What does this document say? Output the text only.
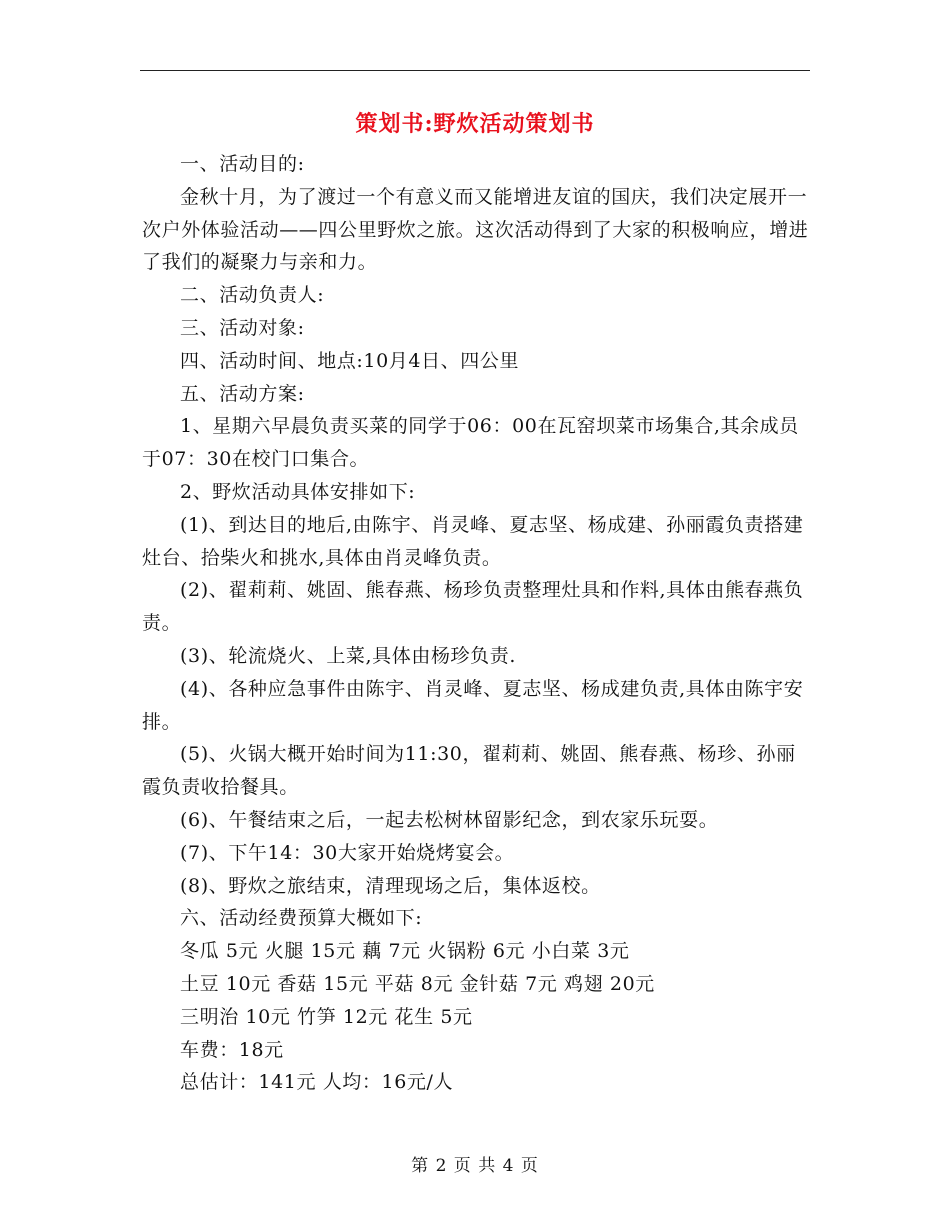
策划书:野炊活动策划书

一、活动目的:

金秋十月，为了渡过一个有意义而又能增进友谊的国庆，我们决定展开一次户外体验活动——四公里野炊之旅。这次活动得到了大家的积极响应，增进了我们的凝聚力与亲和力。

二、活动负责人:

三、活动对象:

四、活动时间、地点:10月4日、四公里

五、活动方案:

1、星期六早晨负责买菜的同学于06：00在瓦窑坝菜市场集合,其余成员于07：30在校门口集合。

2、野炊活动具体安排如下:

(1)、到达目的地后,由陈宇、肖灵峰、夏志坚、杨成建、孙丽霞负责搭建灶台、拾柴火和挑水,具体由肖灵峰负责。

(2)、翟莉莉、姚固、熊春燕、杨珍负责整理灶具和作料,具体由熊春燕负责。

(3)、轮流烧火、上菜,具体由杨珍负责.

(4)、各种应急事件由陈宇、肖灵峰、夏志坚、杨成建负责,具体由陈宇安排。

(5)、火锅大概开始时间为11:30，翟莉莉、姚固、熊春燕、杨珍、孙丽霞负责收拾餐具。

(6)、午餐结束之后，一起去松树林留影纪念，到农家乐玩耍。

(7)、下午14：30大家开始烧烤宴会。

(8)、野炊之旅结束，清理现场之后，集体返校。

六、活动经费预算大概如下:

冬瓜 5元 火腿 15元 藕 7元 火锅粉 6元 小白菜 3元

土豆 10元 香菇 15元 平菇 8元 金针菇 7元 鸡翅 20元

三明治 10元 竹笋 12元 花生 5元

车费：18元

总估计：141元 人均：16元/人

第 2 页 共 4 页
